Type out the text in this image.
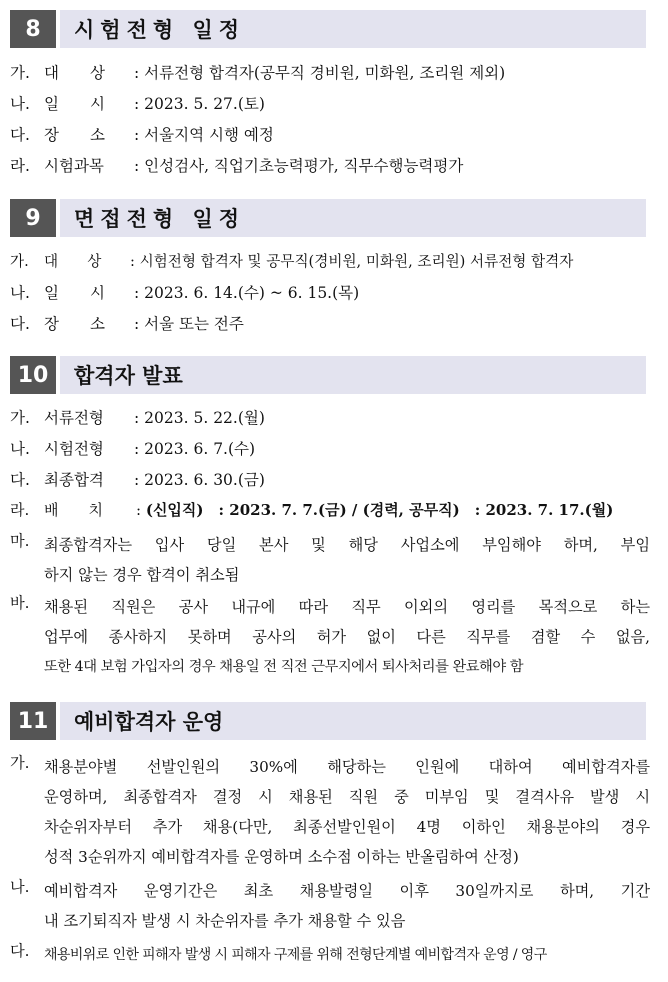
8	시험전형 일정
가. 대　　상 : 서류전형 합격자(공무직 경비원, 미화원, 조리원 제외)
나. 일　　시 : 2023. 5. 27.(토)
다. 장　　소 : 서울지역 시행 예정
라. 시험과목 : 인성검사, 직업기초능력평가, 직무수행능력평가
9	면접전형 일정
가. 대　　상 : 시험전형 합격자 및 공무직(경비원, 미화원, 조리원) 서류전형 합격자
나. 일　　시 : 2023. 6. 14.(수) ~ 6. 15.(목)
다. 장　　소 : 서울 또는 전주
10	합격자 발표
가. 서류전형 : 2023. 5. 22.(월)
나. 시험전형 : 2023. 6. 7.(수)
다. 최종합격 : 2023. 6. 30.(금)
라. 배　　치 : (신입직)　: 2023. 7. 7.(금) / (경력, 공무직)　: 2023. 7. 17.(월)
마. 최종합격자는 입사 당일 본사 및 해당 사업소에 부임해야 하며, 부임
하지 않는 경우 합격이 취소됨
바. 채용된 직원은 공사 내규에 따라 직무 이외의 영리를 목적으로 하는
업무에 종사하지 못하며 공사의 허가 없이 다른 직무를 겸할 수 없음,
또한 4대 보험 가입자의 경우 채용일 전 직전 근무지에서 퇴사처리를 완료해야 함
11	예비합격자 운영
가. 채용분야별 선발인원의 30%에 해당하는 인원에 대하여 예비합격자를
운영하며, 최종합격자 결정 시 채용된 직원 중 미부임 및 결격사유 발생 시
차순위자부터 추가 채용(다만, 최종선발인원이 4명 이하인 채용분야의 경우
성적 3순위까지 예비합격자를 운영하며 소수점 이하는 반올림하여 산정)
나. 예비합격자 운영기간은 최초 채용발령일 이후 30일까지로 하며, 기간
내 조기퇴직자 발생 시 차순위자를 추가 채용할 수 있음
다. 채용비위로 인한 피해자 발생 시 피해자 구제를 위해 전형단계별 예비합격자 운영 / 영구
